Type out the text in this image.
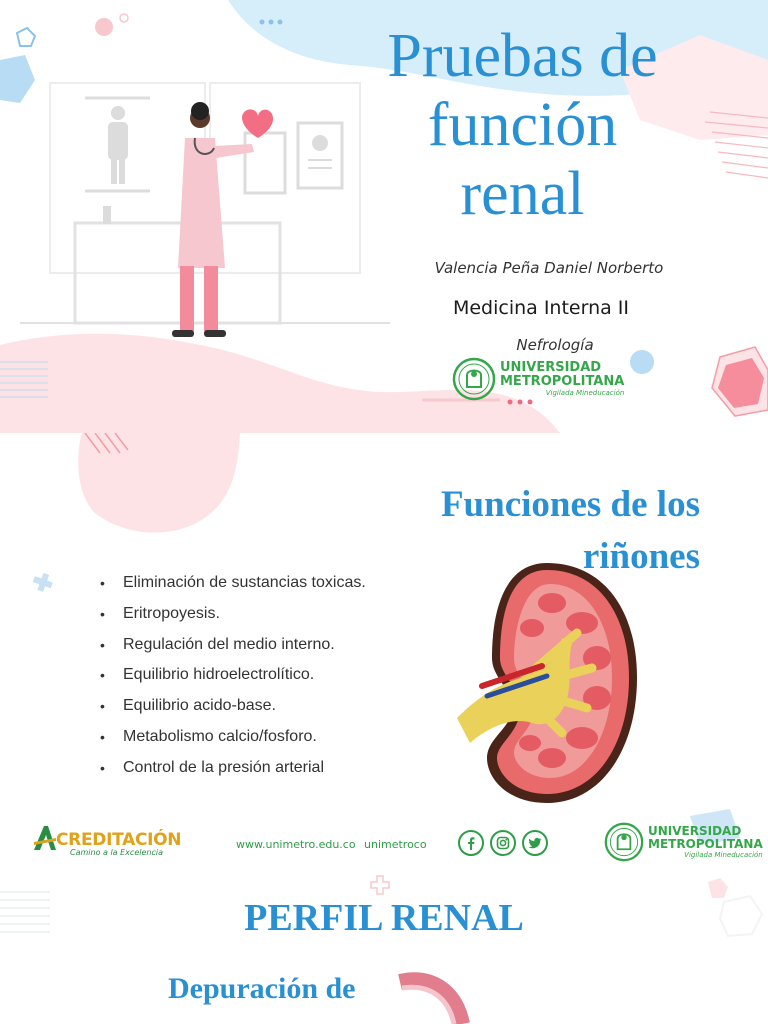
Pruebas de
función
renal
Valencia Peña Daniel Norberto
Medicina Interna II
Nefrología
UNIVERSIDAD
METROPOLITANA
Vigilada Mineducación
Funciones de los
riñones
• Eliminación de sustancias toxicas.
• Eritropoyesis.
• Regulación del medio interno.
• Equilibrio hidroelectrolítico.
• Equilibrio acido-base.
• Metabolismo calcio/fosforo.
• Control de la presión arterial
CREDITACIÓN
Camino a la Excelencia
www.unimetro.edu.co unimetroco
UNIVERSIDAD
METROPOLITANA
Vigilada Mineducación
PERFIL RENAL
Depuración de
